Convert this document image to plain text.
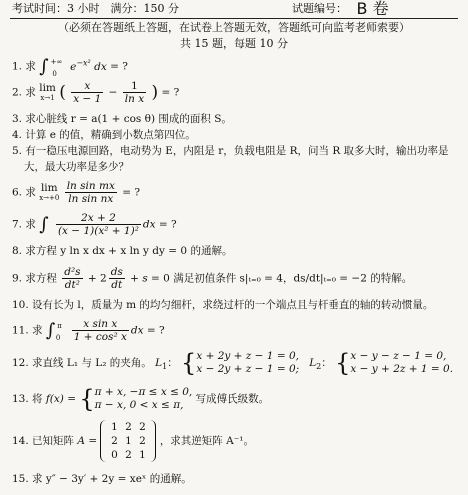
考试时间：3 小时　满分：150 分	试题编号： B 卷
（必须在答题纸上答题，在试卷上答题无效，答题纸可向监考老师索要）
共 15 题，每题 10 分
1. 求 ∫ +∞$_0$ $e^{-x^2}$ dx = ?
2. 求 lim
x→1 ( $\frac{x}{x - 1} - \frac{1}{\text{ln x}}$ ) = ?
3. 求心脏线 r = a(1 + cos θ) 围成的面积 S。
4. 计算 e 的值，精确到小数点第四位。
5. 有一稳压电源回路，电动势为 E，内阻是 r，负载电阻是 R，问当 R 取多大时，输出功率是
大，最大功率是多少？
6. 求 lim
x→+0
$\frac{\text{ln sin mx}}{\text{ln sin nx}}$ = ?
7. 求 ∫ $\frac{2x + 2}{\text{(x − 1)(x² + 1)²}}$ dx = ?
8. 求方程 y ln x dx + x ln y dy = 0 的通解。
9. 求方程 $\frac{\text{d²s}}{\text{dt²}} + 2 \frac{ds}{dt} + s = 0$ 满足初值条件 s|ₜ₌₀ = 4，ds/dt|ₜ₌₀ = −2 的特解。
10. 设有长为 l，质量为 m 的均匀细杆，求绕过杆的一个端点且与杆垂直的轴的转动惯量。
11. 求 ∫ $^\pi_0 \frac{\text{x sin x}}{\text{1 + cos² x}}$ dx = ?
12. 求直线 L₁ 与 L₂ 的夹角。 $L_1$： {x + 2y + z − 1 = 0,
x − 2y + z − 1 = 0; $L_2$： {x − y − z − 1 = 0,
x − y + 2z + 1 = 0.
13. 将 f(x) = {π + x, −π ≤ x ≤ 0,
π − x, 0 < x ≤ π, 写成傅氏级数。
14. 已知矩阵 A = 1 2 2
2 1 2
0 2 1 ，求其逆矩阵 A⁻¹。
15. 求 y″ − 3y′ + 2y = xeˣ 的通解。
